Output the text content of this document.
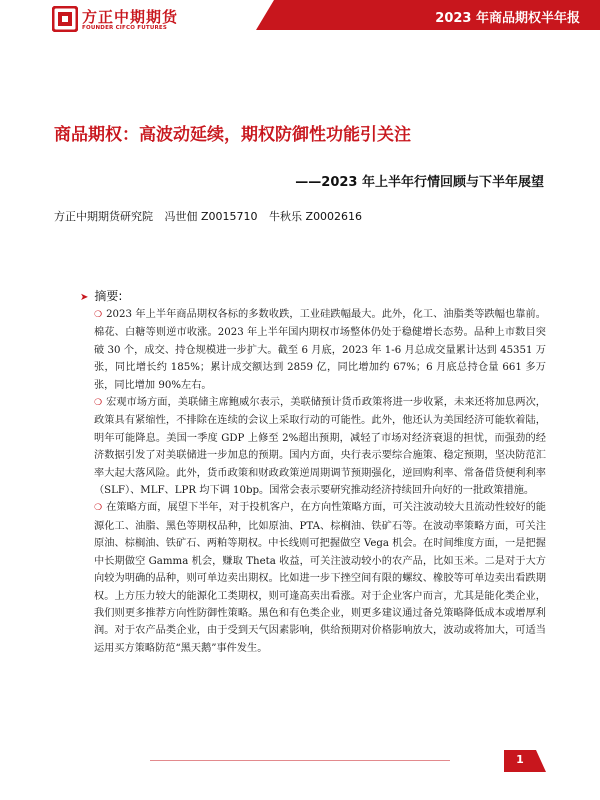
方正中期期货
FOUNDER CIFCO FUTURES
2023 年商品期权半年报
商品期权：高波动延续，期权防御性功能引关注
——2023 年上半年行情回顾与下半年展望
方正中期期货研究院 冯世佃 Z0015710 牛秋乐 Z0002616
➤ 摘要:

❍ 2023 年上半年商品期权各标的多数收跌，工业硅跌幅最大。此外，化工、油脂类等跌幅也靠前。棉花、白糖等则逆市收涨。2023 年上半年国内期权市场整体仍处于稳健增长态势。品种上市数目突破 30 个，成交、持仓规模进一步扩大。截至 6 月底，2023 年 1-6 月总成交量累计达到 45351 万张，同比增长约 185%；累计成交额达到 2859 亿，同比增加约 67%；6 月底总持仓量 661 多万张，同比增加 90%左右。

❍ 宏观市场方面，美联储主席鲍威尔表示，美联储预计货币政策将进一步收紧，未来还将加息两次，政策具有紧缩性，不排除在连续的会议上采取行动的可能性。此外，他还认为美国经济可能软着陆，明年可能降息。美国一季度 GDP 上修至 2%超出预期，减轻了市场对经济衰退的担忧，而强劲的经济数据引发了对美联储进一步加息的预期。国内方面，央行表示要综合施策、稳定预期，坚决防范汇率大起大落风险。此外，货币政策和财政政策逆周期调节预期强化，逆回购利率、常备借贷便利利率（SLF）、MLF、LPR 均下调 10bp。国常会表示要研究推动经济持续回升向好的一批政策措施。

❍ 在策略方面，展望下半年，对于投机客户，在方向性策略方面，可关注波动较大且流动性较好的能源化工、油脂、黑色等期权品种，比如原油、PTA、棕榈油、铁矿石等。在波动率策略方面，可关注原油、棕榈油、铁矿石、两粕等期权。中长线则可把握做空 Vega 机会。在时间维度方面，一是把握中长期做空 Gamma 机会，赚取 Theta 收益，可关注波动较小的农产品，比如玉米。二是对于大方向较为明确的品种，则可单边卖出期权。比如进一步下挫空间有限的螺纹、橡胶等可单边卖出看跌期权。上方压力较大的能源化工类期权，则可逢高卖出看涨。对于企业客户而言，尤其是能化类企业，我们则更多推荐方向性防御性策略。黑色和有色类企业，则更多建议通过备兑策略降低成本或增厚利润。对于农产品类企业，由于受到天气因素影响，供给预期对价格影响放大，波动或将加大，可适当运用买方策略防范“黑天鹅”事件发生。

1
